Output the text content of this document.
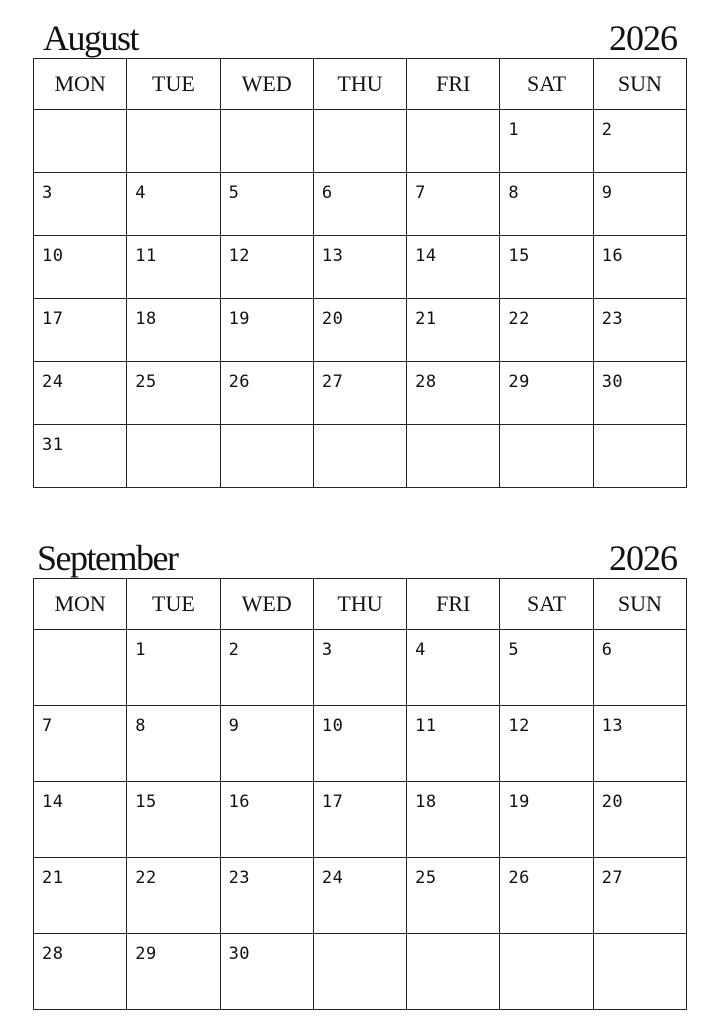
August	2026
MON	TUE	WED	THU	FRI	SAT	SUN

					1	2

3	4	5	6	7	8	9

10	11	12	13	14	15	16

17	18	19	20	21	22	23

24	25	26	27	28	29	30

31						

September	2026
MON	TUE	WED	THU	FRI	SAT	SUN

	1	2	3	4	5	6

7	8	9	10	11	12	13

14	15	16	17	18	19	20

21	22	23	24	25	26	27

28	29	30				
